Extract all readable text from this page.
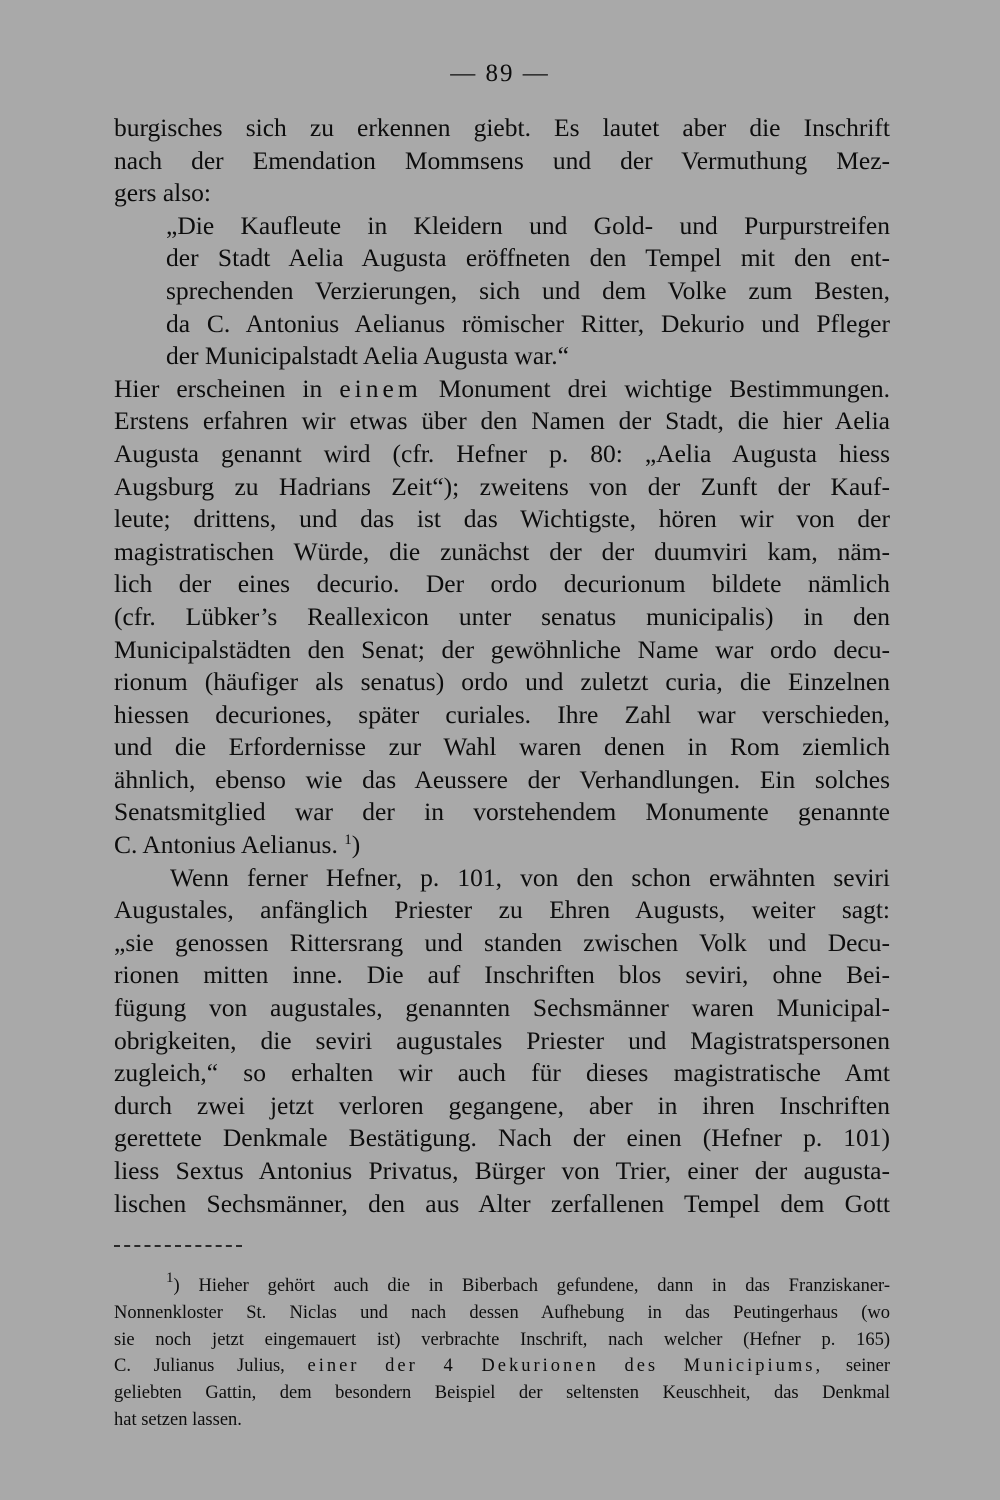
— 89 —
burgisches sich zu erkennen giebt. Es lautet aber die Inschrift
nach der Emendation Mommsens und der Vermuthung Mez-
gers also:
„Die Kaufleute in Kleidern und Gold- und Purpurstreifen
der Stadt Aelia Augusta eröffneten den Tempel mit den ent-
sprechenden Verzierungen, sich und dem Volke zum Besten,
da C. Antonius Aelianus römischer Ritter, Dekurio und Pfleger
der Municipalstadt Aelia Augusta war.“
Hier erscheinen in einem Monument drei wichtige Bestimmungen.
Erstens erfahren wir etwas über den Namen der Stadt, die hier Aelia
Augusta genannt wird (cfr. Hefner p. 80: „Aelia Augusta hiess
Augsburg zu Hadrians Zeit“); zweitens von der Zunft der Kauf-
leute; drittens, und das ist das Wichtigste, hören wir von der
magistratischen Würde, die zunächst der der duumviri kam, näm-
lich der eines decurio. Der ordo decurionum bildete nämlich
(cfr. Lübker’s Reallexicon unter senatus municipalis) in den
Municipalstädten den Senat; der gewöhnliche Name war ordo decu-
rionum (häufiger als senatus) ordo und zuletzt curia, die Einzelnen
hiessen decuriones, später curiales. Ihre Zahl war verschieden,
und die Erfordernisse zur Wahl waren denen in Rom ziemlich
ähnlich, ebenso wie das Aeussere der Verhandlungen. Ein solches
Senatsmitglied war der in vorstehendem Monumente genannte
C. Antonius Aelianus. $^1$)
Wenn ferner Hefner, p. 101, von den schon erwähnten seviri
Augustales, anfänglich Priester zu Ehren Augusts, weiter sagt:
„sie genossen Rittersrang und standen zwischen Volk und Decu-
rionen mitten inne. Die auf Inschriften blos seviri, ohne Bei-
fügung von augustales, genannten Sechsmänner waren Municipal-
obrigkeiten, die seviri augustales Priester und Magistratspersonen
zugleich,“ so erhalten wir auch für dieses magistratische Amt
durch zwei jetzt verloren gegangene, aber in ihren Inschriften
gerettete Denkmale Bestätigung. Nach der einen (Hefner p. 101)
liess Sextus Antonius Privatus, Bürger von Trier, einer der augusta-
lischen Sechsmänner, den aus Alter zerfallenen Tempel dem Gott
$^1$) Hieher gehört auch die in Biberbach gefundene, dann in das Franziskaner-
Nonnenkloster St. Niclas und nach dessen Aufhebung in das Peutingerhaus (wo
sie noch jetzt eingemauert ist) verbrachte Inschrift, nach welcher (Hefner p. 165)
C. Julianus Julius, einer der 4 Dekurionen des Municipiums, seiner
geliebten Gattin, dem besondern Beispiel der seltensten Keuschheit, das Denkmal
hat setzen lassen.
